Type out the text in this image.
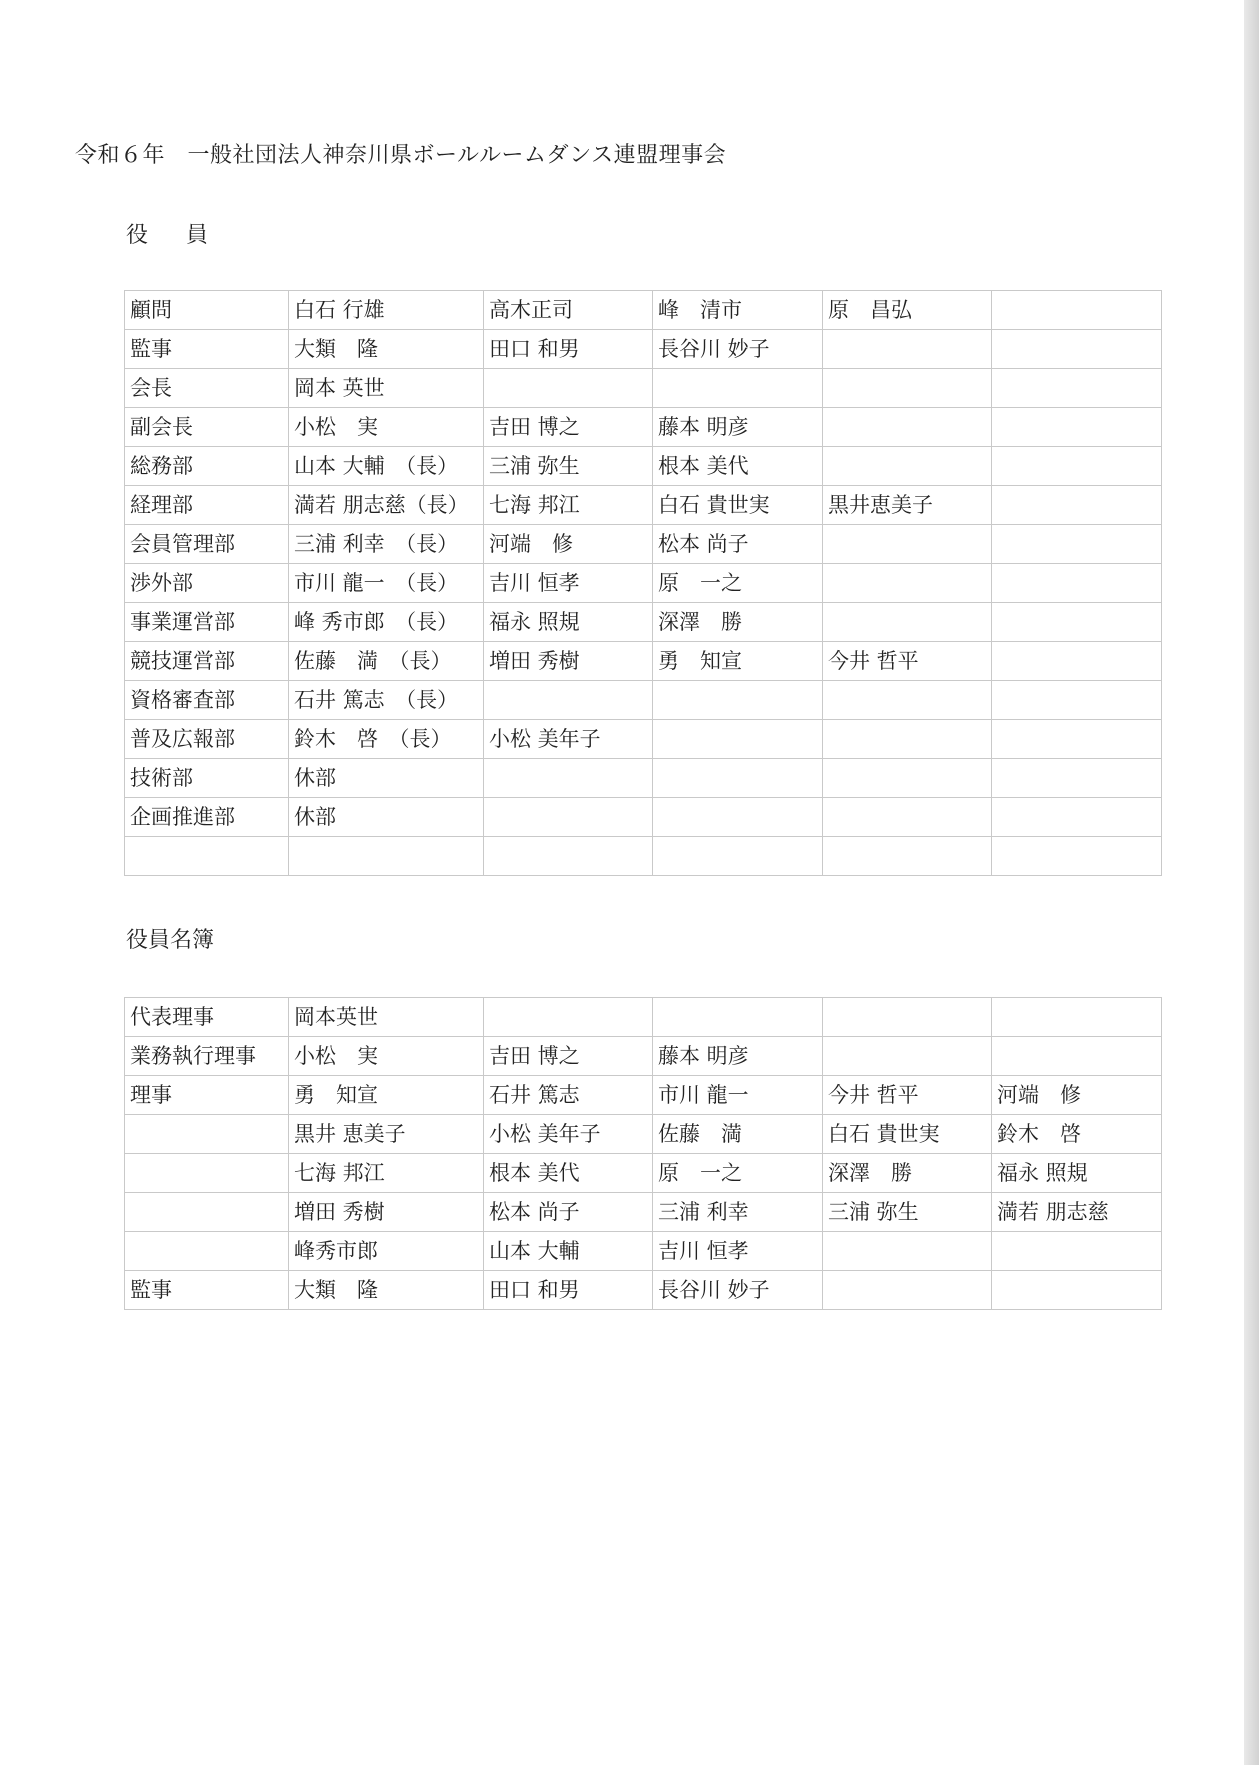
令和６年　一般社団法人神奈川県ボールルームダンス連盟理事会
役　員
顧問	白石 行雄	高木正司	峰　清市	原　昌弘	
監事	大類　隆	田口 和男	長谷川 妙子		
会長	岡本 英世				
副会長	小松　実	吉田 博之	藤本 明彦		
総務部	山本 大輔　（長）	三浦 弥生	根本 美代		
経理部	満若 朋志慈（長）	七海 邦江	白石 貴世実	黒井恵美子	
会員管理部	三浦 利幸　（長）	河端　修	松本 尚子		
渉外部	市川 龍一　（長）	吉川 恒孝	原　一之		
事業運営部	峰 秀市郎　（長）	福永 照規	深澤　勝		
競技運営部	佐藤　満　（長）	増田 秀樹	勇　知宣	今井 哲平	
資格審査部	石井 篤志　（長）				
普及広報部	鈴木　啓　（長）	小松 美年子			
技術部	休部				
企画推進部	休部				

役員名簿
代表理事	岡本英世				
業務執行理事	小松　実	吉田 博之	藤本 明彦		
理事	勇　知宣	石井 篤志	市川 龍一	今井 哲平	河端　修
	黒井 恵美子	小松 美年子	佐藤　満	白石 貴世実	鈴木　啓
	七海 邦江	根本 美代	原　一之	深澤　勝	福永 照規
	増田 秀樹	松本 尚子	三浦 利幸	三浦 弥生	満若 朋志慈
	峰秀市郎	山本 大輔	吉川 恒孝		
監事	大類　隆	田口 和男	長谷川 妙子		
